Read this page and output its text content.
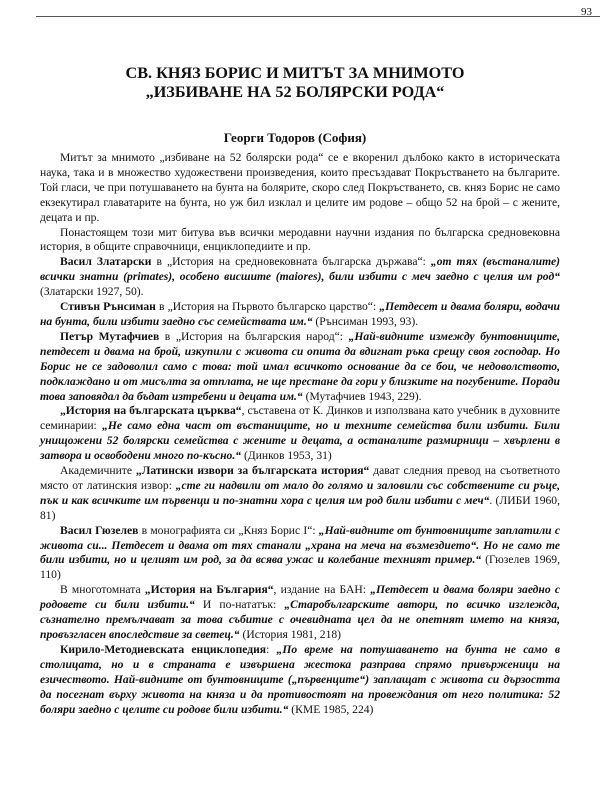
93
СВ. КНЯЗ БОРИС И МИТЪТ ЗА МНИМОТО
„ИЗБИВАНЕ НА 52 БОЛЯРСКИ РОДА“
Георги Тодоров (София)

Митът за мнимото „избиване на 52 болярски рода“ се е вкоренил дълбоко както в историческата наука, така и в множество художествени произведения, които пресъздават Покръстването на българите. Той гласи, че при потушаването на бунта на болярите, скоро след Покръстването, св. княз Борис не само екзекутирал главатарите на бунта, но уж бил изклал и целите им родове – общо 52 на брой – с жените, децата и пр.

Понастоящем този мит битува във всички меродавни научни издания по българска средновековна история, в общите справочници, енциклопедиите и пр.

Васил Златарски в „История на средновековната българска държава“: „от тях (въстаналите) всички знатни (primates), особено висшите (maiores), били избити с меч заедно с целия им род“ (Златарски 1927, 50).

Стивън Рънсиман в „История на Първото българско царство“: „Петдесет и двама боляри, водачи на бунта, били избити заедно със семействата им.“ (Рънсиман 1993, 93).

Петър Мутафчиев в „История на българския народ“: „Най-видните измежду бунтовниците, петдесет и двама на брой, изкупили с живота си опита да вдигнат ръка срещу своя господар. Но Борис не се задоволил само с това: той имал всичкото основание да се бои, че недоволството, подклаждано и от мисълта за отплата, не ще престане да гори у близките на погубените. Поради това заповядал да бъдат изтребени и децата им.“ (Мутафчиев 1943, 229).

„История на българската църква“, съставена от К. Динков и използвана като учебник в духовните семинарии: „Не само една част от въстаниците, но и техните семейства били избити. Били унищожени 52 болярски семейства с жените и децата, а останалите размирници – хвърлени в затвора и освободени много по-късно.“ (Динков 1953, 31)

Академичните „Латински извори за българската история“ дават следния превод на съответното място от латинския извор: „сте ги надвили от мало до голямо и заловили със собствените си ръце, пък и как всичките им първенци и по-знатни хора с целия им род били избити с меч“. (ЛИБИ 1960, 81)

Васил Гюзелев в монографията си „Княз Борис I“: „Най-видните от бунтовниците заплатили с живота си... Петдесет и двама от тях станали „храна на меча на възмездието“. Но не само те били избити, но и целият им род, за да всява ужас и колебание техният пример.“ (Гюзелев 1969, 110)

В многотомната „История на България“, издание на БАН: „Петдесет и двама боляри заедно с родовете си били избити.“ И по-нататък: „Старобългарските автори, по всичко изглежда, съзнателно премълчават за това събитие с очевидната цел да не опетнят името на княза, провъзгласен впоследствие за светец.“ (История 1981, 218)

Кирило-Методиевската енциклопедия: „По време на потушаването на бунта не само в столицата, но и в страната е извършена жестока разправа спрямо привърженици на езичеството. Най-видните от бунтовниците („първенците“) заплащат с живота си дързостта да посегнат върху живота на княза и да противостоят на провеждания от него политика: 52 боляри заедно с целите си родове били избити.“ (КМЕ 1985, 224)
